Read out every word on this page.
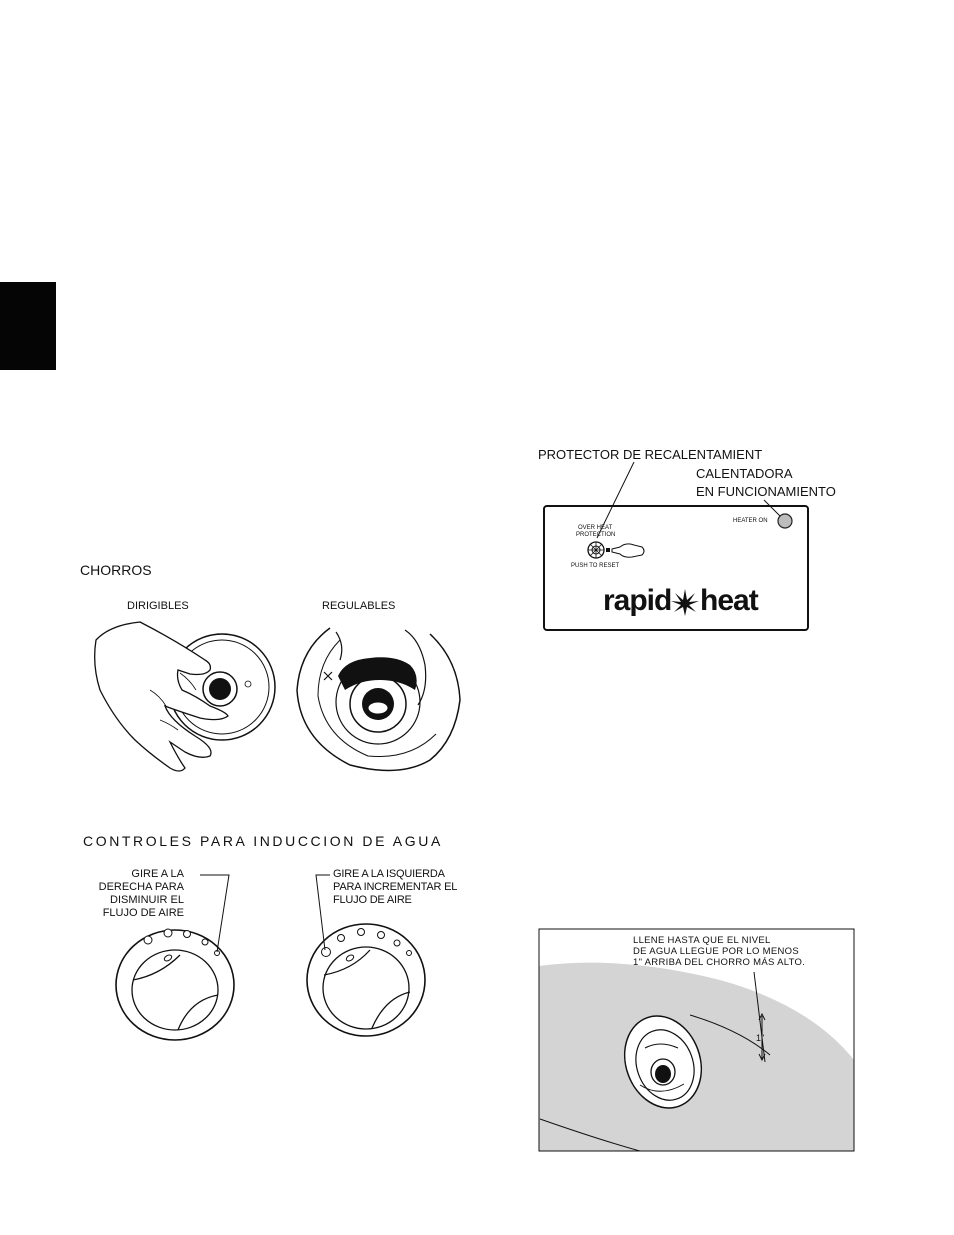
PROTECTOR DE RECALENTAMIENT
CALENTADORA
EN FUNCIONAMIENTO
HEATER ON
OVER HEAT
PROTECTION
PUSH TO RESET
rapid heat
CHORROS
DIRIGIBLES	REGULABLES
CONTROLES PARA INDUCCION DE AGUA
GIRE A LA
DERECHA PARA
DISMINUIR EL
FLUJO DE AIRE
GIRE A LA ISQUIERDA
PARA INCREMENTAR EL
FLUJO DE AIRE
LLENE HASTA QUE EL NIVEL
DE AGUA LLEGUE POR LO MENOS
1" ARRIBA DEL CHORRO MÁS ALTO.
1"
